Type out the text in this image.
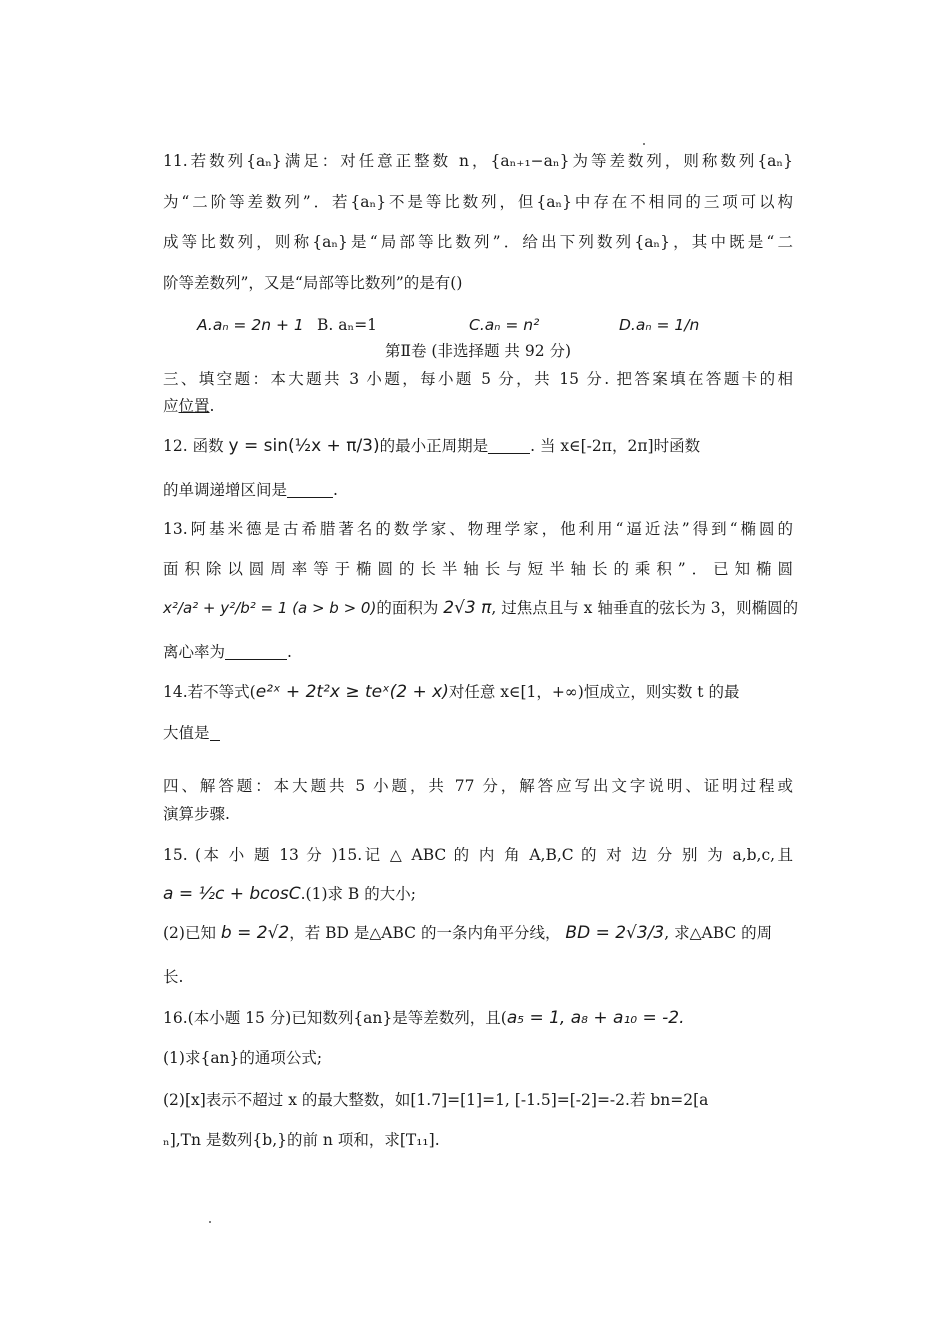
11.若数列{aₙ}满足：对任意正整数 n，{aₙ₊₁−aₙ}为等差数列，则称数列{aₙ}
为“二阶等差数列”．若{aₙ}不是等比数列，但{aₙ}中存在不相同的三项可以构
成等比数列，则称{aₙ}是“局部等比数列”．给出下列数列{aₙ}，其中既是“二
阶等差数列”，又是“局部等比数列”的是有()
A.aₙ = 2n + 1 B. aₙ=1	C.aₙ = n²	D.aₙ = 1/n
第Ⅱ卷 (非选择题 共 92 分)
三、填空题：本大题共 3 小题，每小题 5 分，共 15 分. 把答案填在答题卡的相
应位置.
12. 函数 y = sin(½x + π/3)的最小正周期是	. 当 x∈[-2π，2π]时函数
的单调递增区间是	.
13.阿基米德是古希腊著名的数学家、物理学家，他利用“逼近法”得到“椭圆的
面积除以圆周率等于椭圆的长半轴长与短半轴长的乘积”．已知椭圆
x²/a² + y²/b² = 1 (a > b > 0)的面积为 2√3 π, 过焦点且与 x 轴垂直的弦长为 3，则椭圆的
离心率为	.
14.若不等式(e²ˣ + 2t²x ≥ teˣ(2 + x)对任意 x∈[1，+∞)恒成立，则实数 t 的最
大值是
四、解答题：本大题共 5 小题，共 77 分，解答应写出文字说明、证明过程或
演算步骤.
15. (本 小 题 13 分 )15.记 △ ABC 的 内 角 A,B,C 的 对 边 分 别 为 a,b,c,且
a = ½c + bcosC.(1)求 B 的大小;
(2)已知 b = 2√2，若 BD 是△ABC 的一条内角平分线， BD = 2√3/3, 求△ABC 的周
长.
16.(本小题 15 分)已知数列{an}是等差数列，且(a₅ = 1, a₈ + a₁₀ = -2.
(1)求{an}的通项公式;
(2)[x]表示不超过 x 的最大整数，如[1.7]=[1]=1, [-1.5]=[-2]=-2.若 bn=2[a
ₙ],Tn 是数列{b,}的前 n 项和，求[T₁₁].
